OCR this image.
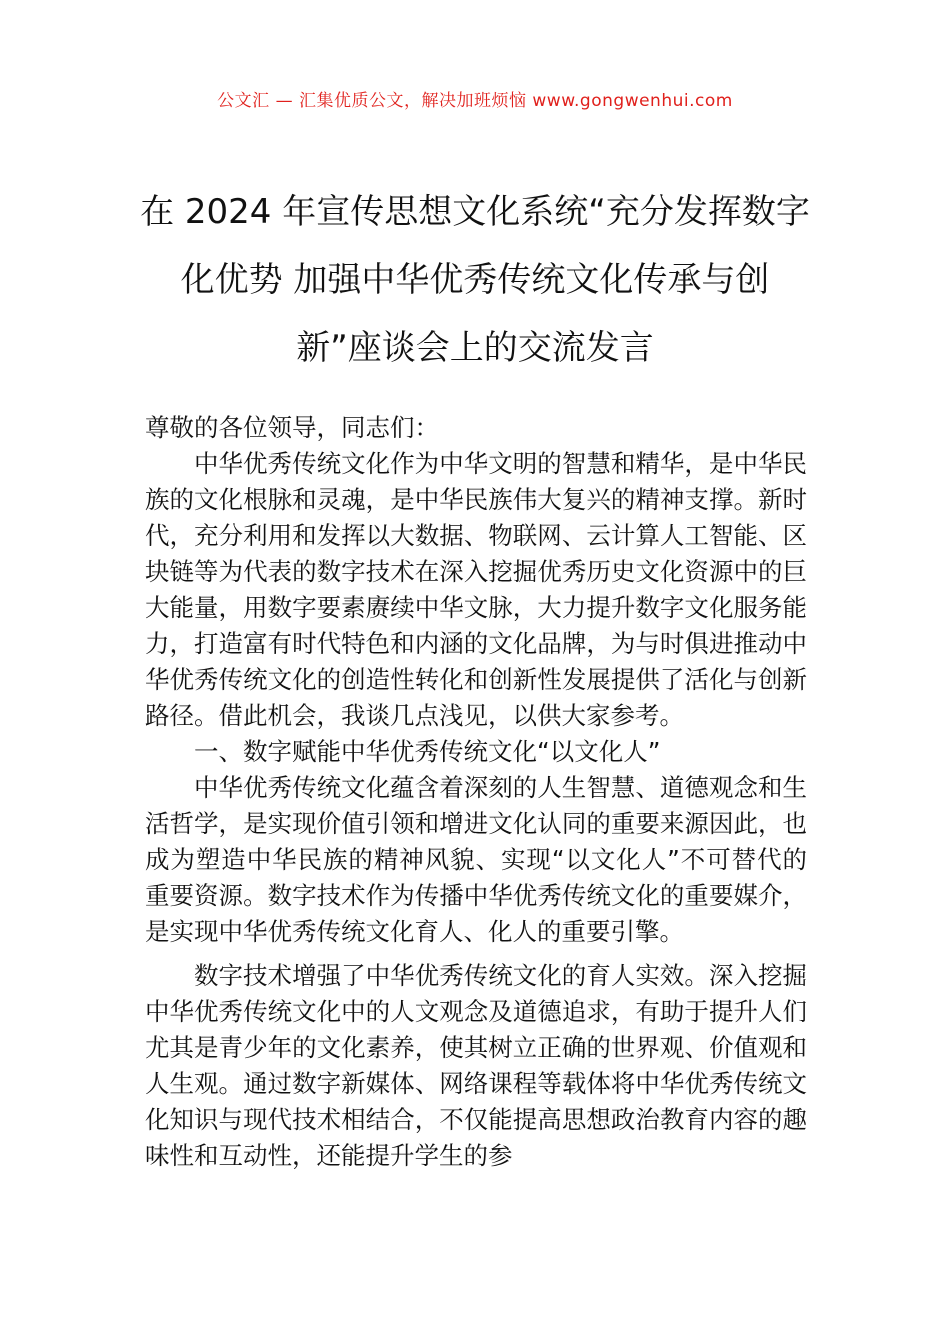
公文汇 — 汇集优质公文，解决加班烦恼 www.gongwenhui.com
在 2024 年宣传思想文化系统“充分发挥数字化优势 加强中华优秀传统文化传承与创新”座谈会上的交流发言

尊敬的各位领导，同志们：

中华优秀传统文化作为中华文明的智慧和精华，是中华民族的文化根脉和灵魂，是中华民族伟大复兴的精神支撑。新时代，充分利用和发挥以大数据、物联网、云计算人工智能、区块链等为代表的数字技术在深入挖掘优秀历史文化资源中的巨大能量，用数字要素赓续中华文脉，大力提升数字文化服务能力，打造富有时代特色和内涵的文化品牌，为与时俱进推动中华优秀传统文化的创造性转化和创新性发展提供了活化与创新路径。借此机会，我谈几点浅见，以供大家参考。

一、数字赋能中华优秀传统文化“以文化人”

中华优秀传统文化蕴含着深刻的人生智慧、道德观念和生活哲学，是实现价值引领和增进文化认同的重要来源因此，也成为塑造中华民族的精神风貌、实现“以文化人”不可替代的重要资源。数字技术作为传播中华优秀传统文化的重要媒介，是实现中华优秀传统文化育人、化人的重要引擎。

数字技术增强了中华优秀传统文化的育人实效。深入挖掘中华优秀传统文化中的人文观念及道德追求，有助于提升人们尤其是青少年的文化素养，使其树立正确的世界观、价值观和人生观。通过数字新媒体、网络课程等载体将中华优秀传统文化知识与现代技术相结合，不仅能提高思想政治教育内容的趣味性和互动性，还能提升学生的参
